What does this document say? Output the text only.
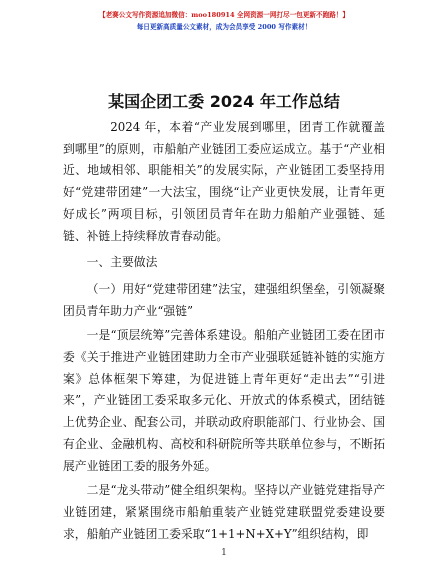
【老赛公文写作资源追加微信：moo180914 全网资源一网打尽一包更新不跑路！】
每日更新高质量公文素材，成为会员享受 2000 写作素材！
某国企团工委 2024 年工作总结

2024 年，本着“产业发展到哪里，团青工作就覆盖到哪里”的原则，市船舶产业链团工委应运成立。基于“产业相近、地域相邻、职能相关”的发展实际，产业链团工委坚持用好“党建带团建”一大法宝，围绕“让产业更快发展，让青年更好成长”两项目标，引领团员青年在助力船舶产业强链、延链、补链上持续释放青春动能。

一、主要做法

（一）用好“党建带团建”法宝，建强组织堡垒，引领凝聚团员青年助力产业“强链”

一是“顶层统筹”完善体系建设。船舶产业链团工委在团市委《关于推进产业链团建助力全市产业强联延链补链的实施方案》总体框架下筹建，为促进链上青年更好“走出去”“引进来”，产业链团工委采取多元化、开放式的体系模式，团结链上优势企业、配套公司，并联动政府职能部门、行业协会、国有企业、金融机构、高校和科研院所等共联单位参与，不断拓展产业链团工委的服务外延。

二是“龙头带动”健全组织架构。坚持以产业链党建指导产业链团建，紧紧围绕市船舶重装产业链党建联盟党委建设要求，船舶产业链团工委采取“1+1+N+X+Y”组织结构，即

1
